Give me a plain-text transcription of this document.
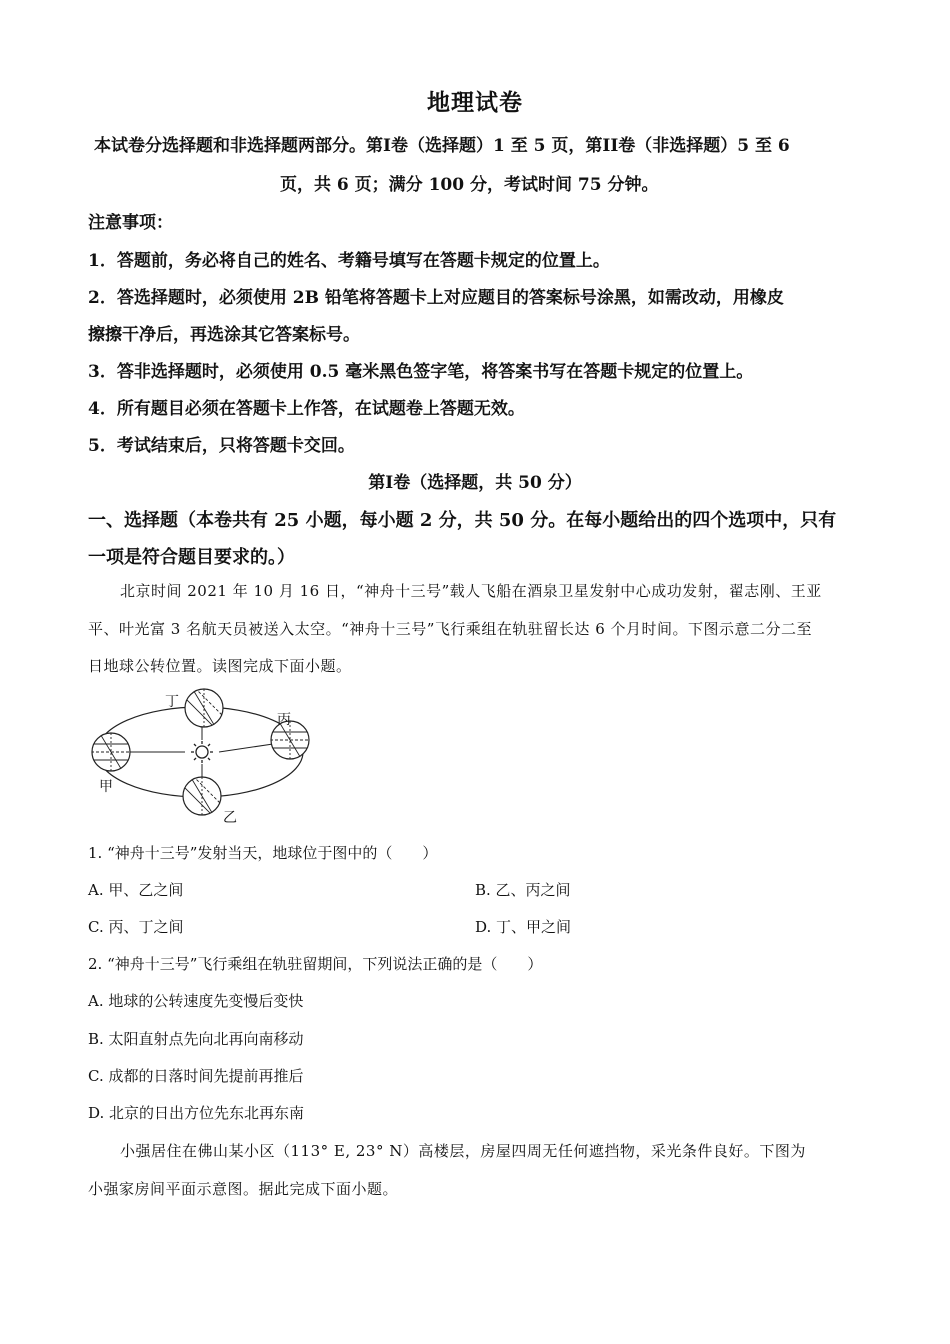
地理试卷
本试卷分选择题和非选择题两部分。第Ⅰ卷（选择题）1 至 5 页，第II卷（非选择题）5 至 6
页，共 6 页；满分 100 分，考试时间 75 分钟。
注意事项：
1．答题前，务必将自己的姓名、考籍号填写在答题卡规定的位置上。
2．答选择题时，必须使用 2B 铅笔将答题卡上对应题目的答案标号涂黑，如需改动，用橡皮
擦擦干净后，再选涂其它答案标号。
3．答非选择题时，必须使用 0.5 毫米黑色签字笔，将答案书写在答题卡规定的位置上。
4．所有题目必须在答题卡上作答，在试题卷上答题无效。
5．考试结束后，只将答题卡交回。
第Ⅰ卷（选择题，共 50 分）
一、选择题（本卷共有 25 小题，每小题 2 分，共 50 分。在每小题给出的四个选项中，只有
一项是符合题目要求的。）
北京时间 2021 年 10 月 16 日，“神舟十三号”载人飞船在酒泉卫星发射中心成功发射，翟志刚、王亚
平、叶光富 3 名航天员被送入太空。“神舟十三号”飞行乘组在轨驻留长达 6 个月时间。下图示意二分二至
日地球公转位置。读图完成下面小题。
甲
乙
丙
丁
1. “神舟十三号”发射当天，地球位于图中的（　　）
A. 甲、乙之间	B. 乙、丙之间
C. 丙、丁之间	D. 丁、甲之间
2. “神舟十三号”飞行乘组在轨驻留期间，下列说法正确的是（　　）
A. 地球的公转速度先变慢后变快
B. 太阳直射点先向北再向南移动
C. 成都的日落时间先提前再推后
D. 北京的日出方位先东北再东南
小强居住在佛山某小区（113° E, 23° N）高楼层，房屋四周无任何遮挡物，采光条件良好。下图为
小强家房间平面示意图。据此完成下面小题。
